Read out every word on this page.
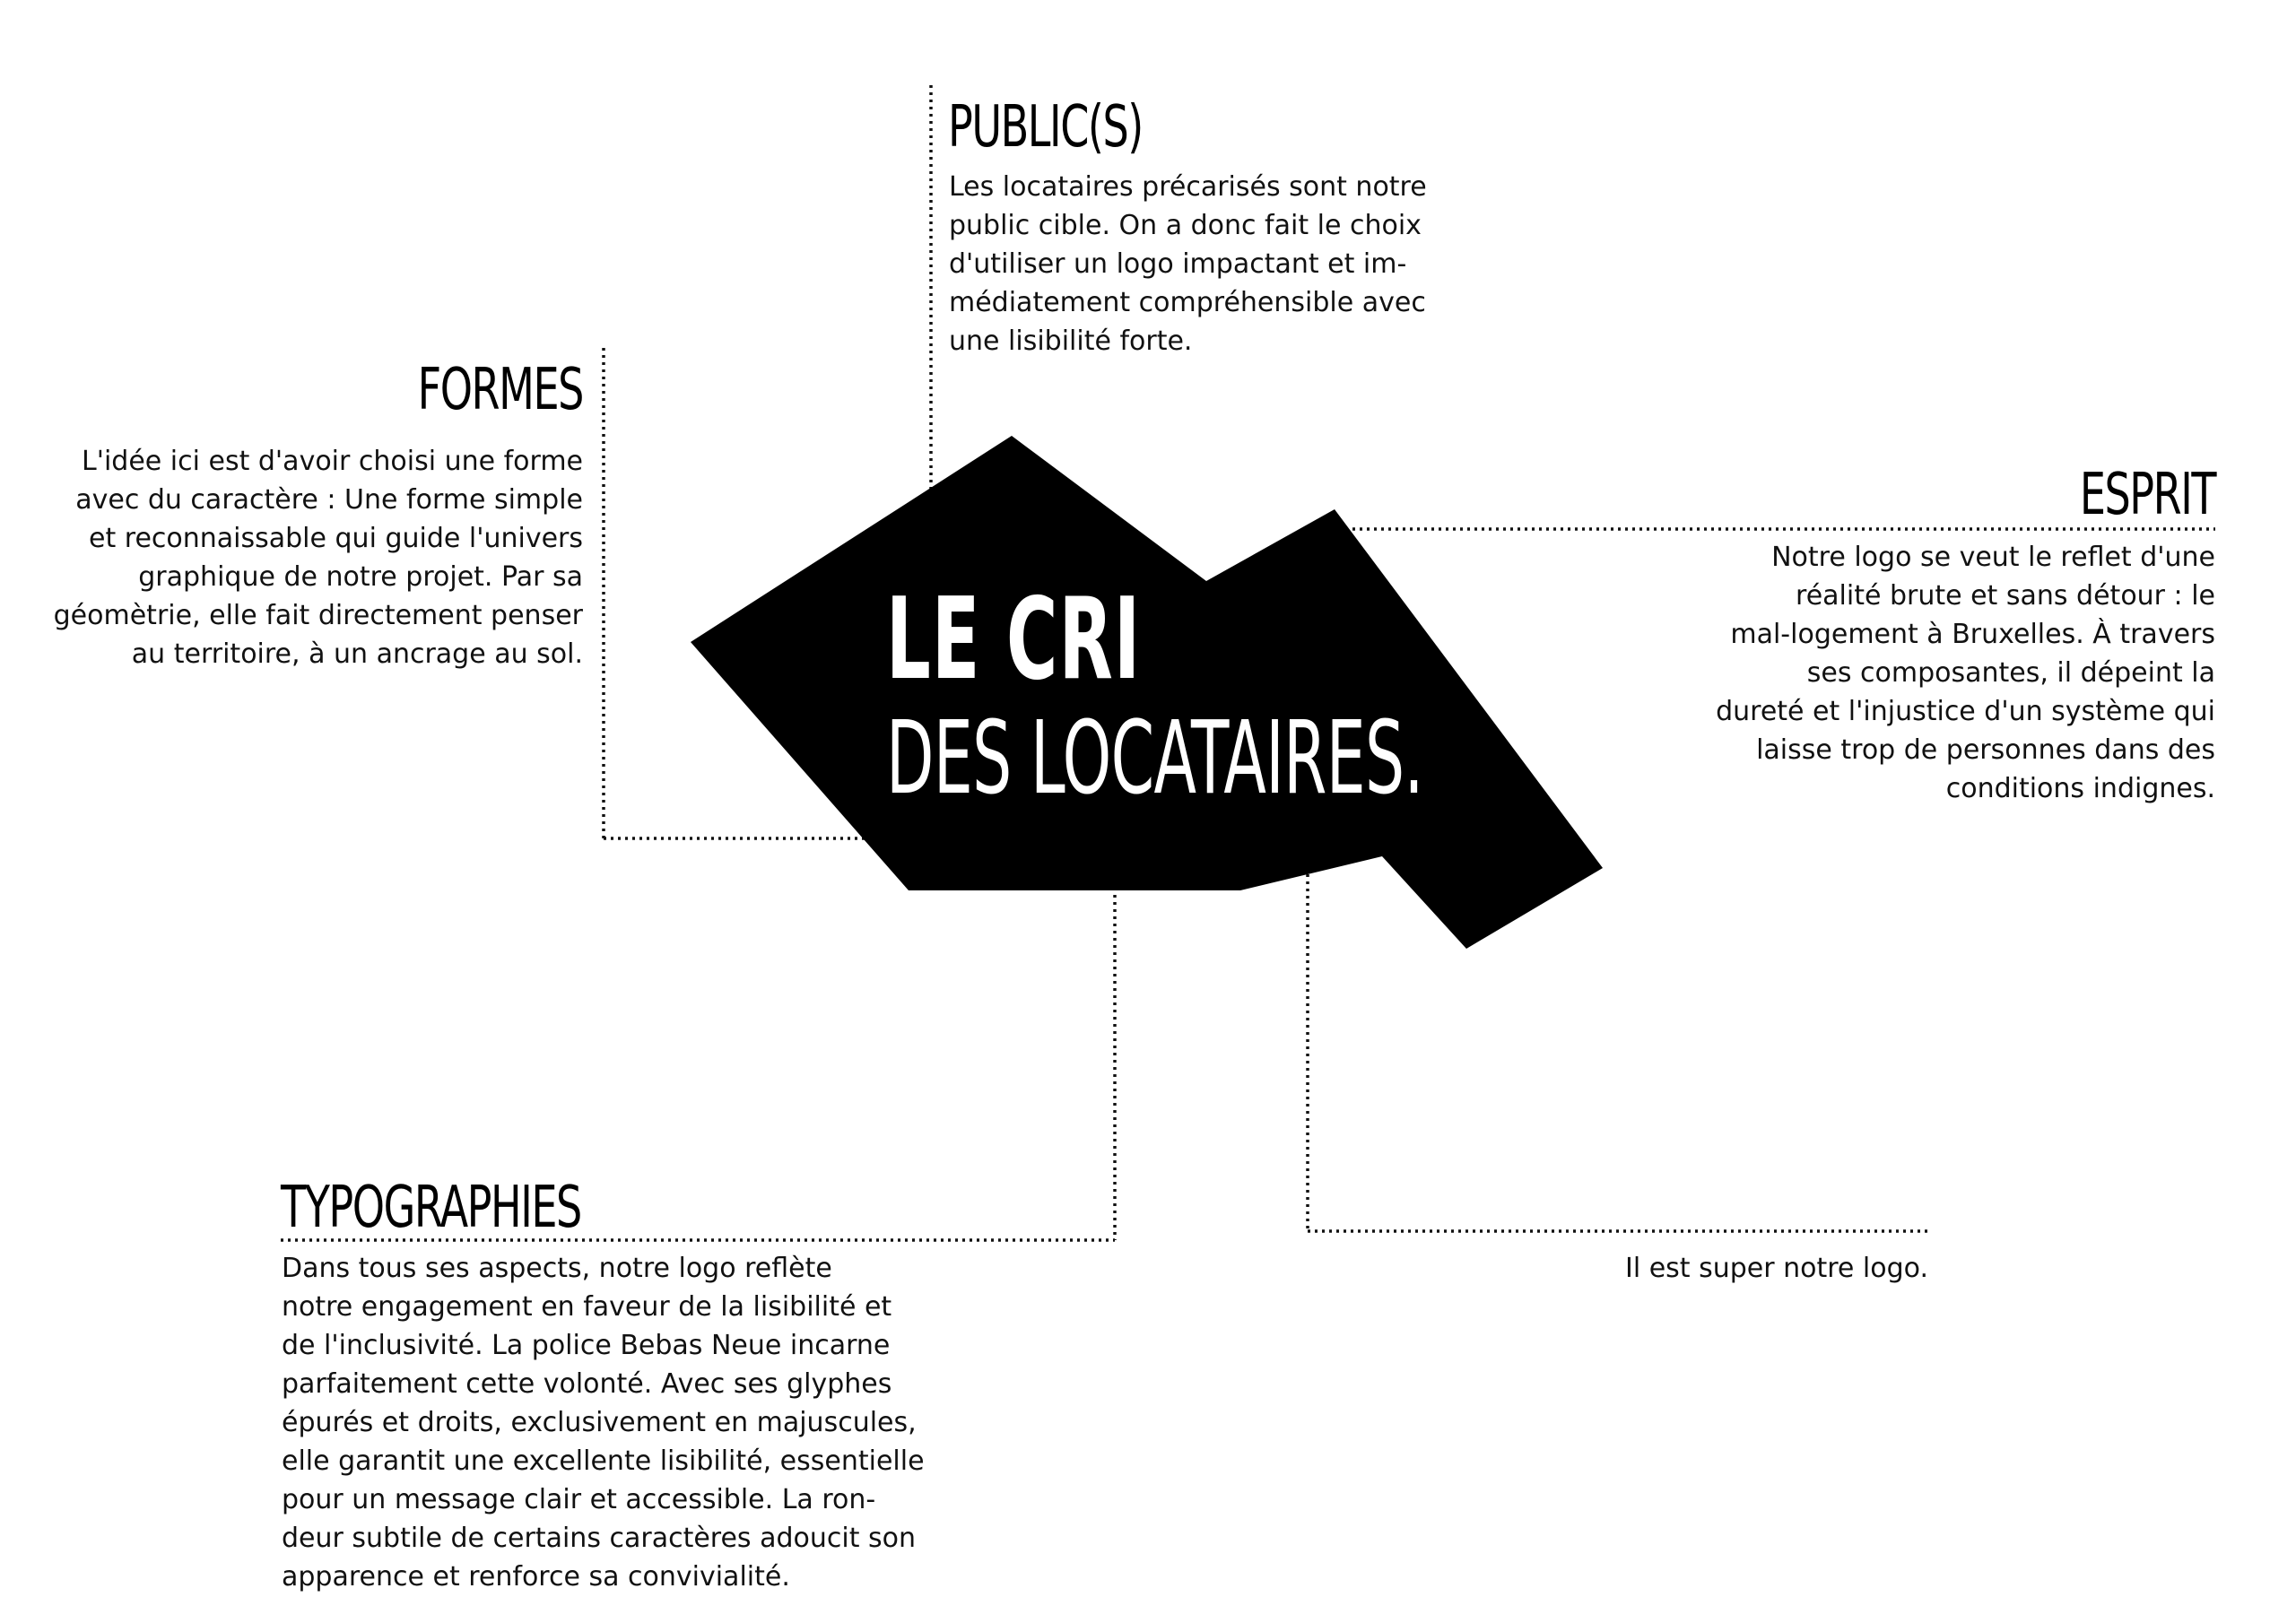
LE CRI
DES LOCATAIRES.
PUBLIC(S)

Les locataires précarisés sont notre
public cible. On a donc fait le choix
d'utiliser un logo impactant et im-
médiatement compréhensible avec
une lisibilité forte.

FORMES

L'idée ici est d'avoir choisi une forme
avec du caractère : Une forme simple
et reconnaissable qui guide l'univers
graphique de notre projet. Par sa
géomètrie, elle fait directement penser
au territoire, à un ancrage au sol.

ESPRIT

Notre logo se veut le reflet d'une
réalité brute et sans détour : le
mal-logement à Bruxelles. À travers
ses composantes, il dépeint la
dureté et l'injustice d'un système qui
laisse trop de personnes dans des
conditions indignes.

TYPOGRAPHIES

Dans tous ses aspects, notre logo reflète
notre engagement en faveur de la lisibilité et
de l'inclusivité. La police Bebas Neue incarne
parfaitement cette volonté. Avec ses glyphes
épurés et droits, exclusivement en majuscules,
elle garantit une excellente lisibilité, essentielle
pour un message clair et accessible. La ron-
deur subtile de certains caractères adoucit son
apparence et renforce sa convivialité.

Il est super notre logo.
